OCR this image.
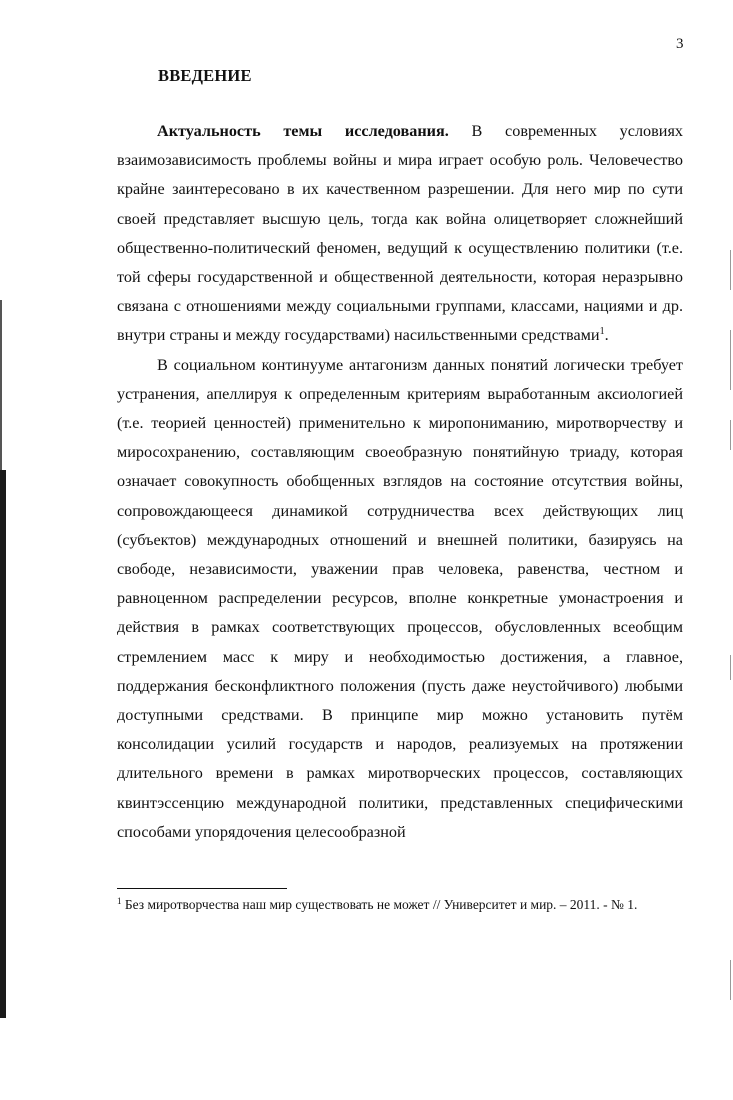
3
ВВЕДЕНИЕ

Актуальность темы исследования. В современных условиях взаимозависимость проблемы войны и мира играет особую роль. Человечество крайне заинтересовано в их качественном разрешении. Для него мир по сути своей представляет высшую цель, тогда как война олицетворяет сложнейший общественно-политический феномен, ведущий к осуществлению политики (т.е. той сферы государственной и общественной деятельности, которая неразрывно связана с отношениями между социальными группами, классами, нациями и др. внутри страны и между государствами) насильственными средствами$^1$.

В социальном континууме антагонизм данных понятий логически требует устранения, апеллируя к определенным критериям выработанным аксиологией (т.е. теорией ценностей) применительно к миропониманию, миротворчеству и миросохранению, составляющим своеобразную понятийную триаду, которая означает совокупность обобщенных взглядов на состояние отсутствия войны, сопровождающееся динамикой сотрудничества всех действующих лиц (субъектов) международных отношений и внешней политики, базируясь на свободе, независимости, уважении прав человека, равенства, честном и равноценном распределении ресурсов, вполне конкретные умонастроения и действия в рамках соответствующих процессов, обусловленных всеобщим стремлением масс к миру и необходимостью достижения, а главное, поддержания бесконфликтного положения (пусть даже неустойчивого) любыми доступными средствами. В принципе мир можно установить путём консолидации усилий государств и народов, реализуемых на протяжении длительного времени в рамках миротворческих процессов, составляющих квинтэссенцию международной политики, представленных специфическими способами упорядочения целесообразной

$^1$ Без миротворчества наш мир существовать не может // Университет и мир. – 2011. - № 1.
